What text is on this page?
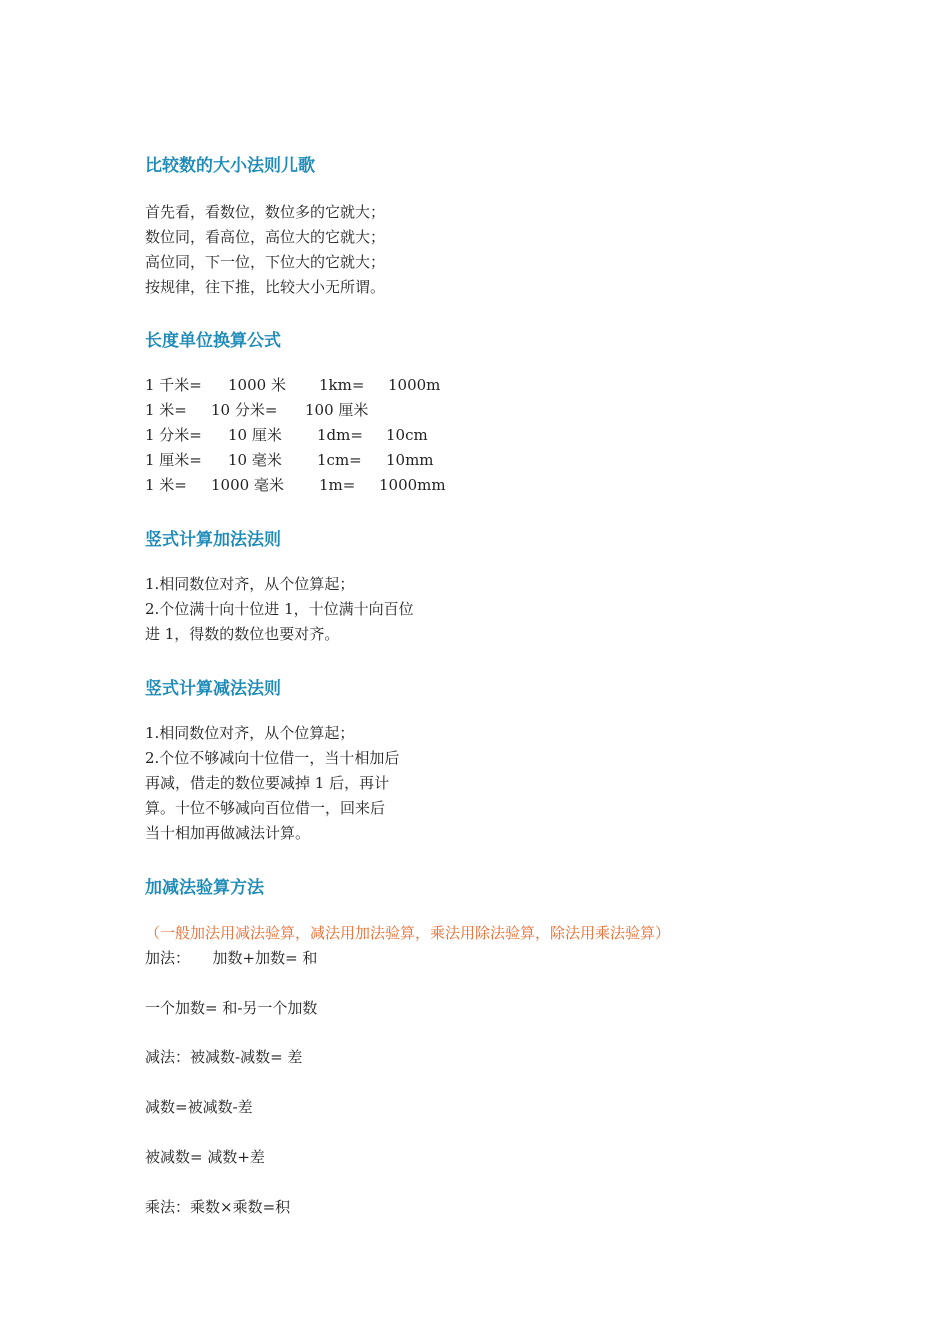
比较数的大小法则儿歌
首先看，看数位，数位多的它就大；
数位同，看高位，高位大的它就大；
高位同，下一位，下位大的它就大；
按规律，往下推，比较大小无所谓。
长度单位换算公式
1 千米= 1000 米 1km= 1000m
1 米= 10 分米= 100 厘米
1 分米= 10 厘米 1dm= 10cm
1 厘米= 10 毫米 1cm= 10mm
1 米= 1000 毫米 1m= 1000mm
竖式计算加法法则
1.相同数位对齐，从个位算起；
2.个位满十向十位进 1，十位满十向百位
进 1，得数的数位也要对齐。
竖式计算减法法则
1.相同数位对齐，从个位算起；
2.个位不够减向十位借一，当十相加后
再减，借走的数位要减掉 1 后，再计
算。十位不够减向百位借一，回来后
当十相加再做减法计算。
加减法验算方法
（一般加法用减法验算，减法用加法验算，乘法用除法验算，除法用乘法验算）
加法：　　加数+加数= 和
一个加数= 和-另一个加数
减法：被减数-减数= 差
减数=被减数-差
被减数= 减数+差
乘法：乘数×乘数=积
